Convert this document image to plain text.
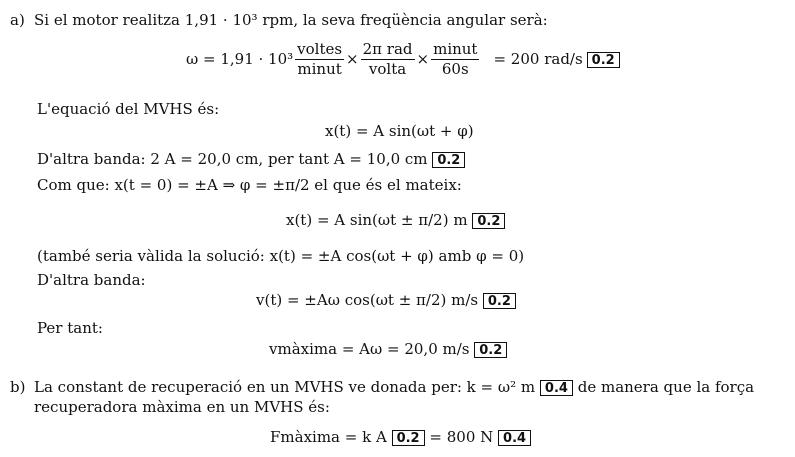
a) Si el motor realitza 1,91 · 10³ rpm, la seva freqüència angular serà:
$\omega = 1,91 \cdot 10^3 \frac{\text{voltes}}{\text{minut}} \times \frac{\text{2π rad}}{\text{volta}} \times \frac{\text{minut}}{60s} = 200$ rad/s 0.2
L'equació del MVHS és:
x(t) = A sin(ωt + φ)
D'altra banda: 2 A = 20,0 cm, per tant A = 10,0 cm 0.2
Com que: x(t = 0) = ±A ⇒ φ = ±π/2 el que és el mateix:
x(t) = A sin(ωt ± π/2) m 0.2
(també seria vàlida la solució: x(t) = ±A cos(ωt + φ) amb φ = 0)
D'altra banda:
v(t) = ±Aω cos(ωt ± π/2) m/s 0.2
Per tant:
vmàxima = Aω = 20,0 m/s 0.2
b) La constant de recuperació en un MVHS ve donada per: k = ω² m 0.4 de manera que la força
recuperadora màxima en un MVHS és:
Fmàxima = k A 0.2 = 800 N 0.4
